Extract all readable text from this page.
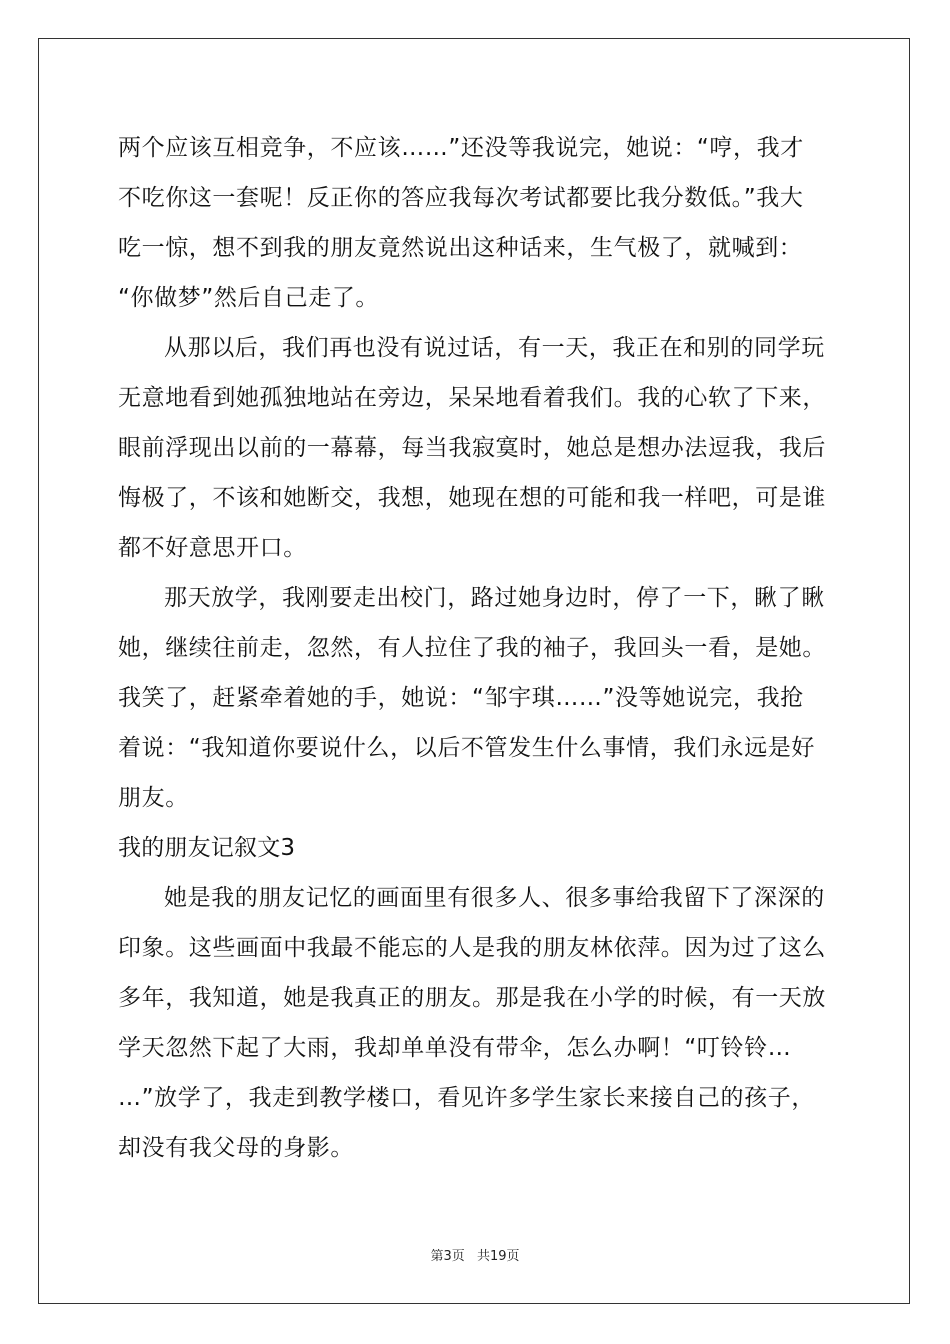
两个应该互相竞争，不应该……”还没等我说完，她说：“哼，我才
不吃你这一套呢！反正你的答应我每次考试都要比我分数低。”我大
吃一惊，想不到我的朋友竟然说出这种话来，生气极了，就喊到：
“你做梦”然后自己走了。
从那以后，我们再也没有说过话，有一天，我正在和别的同学玩
无意地看到她孤独地站在旁边，呆呆地看着我们。我的心软了下来，
眼前浮现出以前的一幕幕，每当我寂寞时，她总是想办法逗我，我后
悔极了，不该和她断交，我想，她现在想的可能和我一样吧，可是谁
都不好意思开口。
那天放学，我刚要走出校门，路过她身边时，停了一下，瞅了瞅
她，继续往前走，忽然，有人拉住了我的袖子，我回头一看，是她。
我笑了，赶紧牵着她的手，她说：“邹宇琪……”没等她说完，我抢
着说：“我知道你要说什么，以后不管发生什么事情，我们永远是好
朋友。
我的朋友记叙文3
她是我的朋友记忆的画面里有很多人、很多事给我留下了深深的
印象。这些画面中我最不能忘的人是我的朋友林依萍。因为过了这么
多年，我知道，她是我真正的朋友。那是我在小学的时候，有一天放
学天忽然下起了大雨，我却单单没有带伞，怎么办啊！“叮铃铃…
…”放学了，我走到教学楼口，看见许多学生家长来接自己的孩子，
却没有我父母的身影。
第3页 共19页
